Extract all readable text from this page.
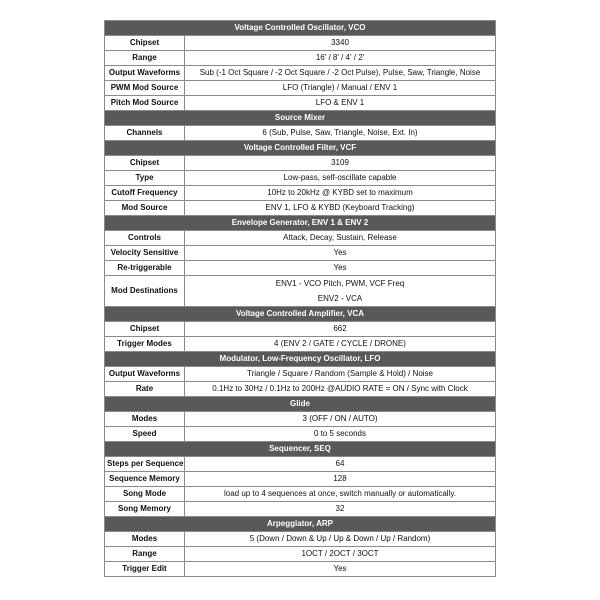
Voltage Controlled Oscillator, VCO	
Chipset	3340
Range	16' / 8' / 4' / 2'
Output Waveforms	Sub (-1 Oct Square / -2 Oct Square / -2 Oct Pulse), Pulse, Saw, Triangle, Noise
PWM Mod Source	LFO (Triangle) / Manual / ENV 1
Pitch Mod Source	LFO & ENV 1
Source Mixer	
Channels	6 (Sub, Pulse, Saw, Triangle, Noise, Ext. In)
Voltage Controlled Filter, VCF	
Chipset	3109
Type	Low-pass, self-oscillate capable
Cutoff Frequency	10Hz to 20kHz @ KYBD set to maximum
Mod Source	ENV 1, LFO & KYBD (Keyboard Tracking)
Envelope Generator, ENV 1 & ENV 2	
Controls	Attack, Decay, Sustain, Release
Velocity Sensitive	Yes
Re-triggerable	Yes
Mod Destinations	ENV1 - VCO Pitch, PWM, VCF Freq
ENV2 - VCA

Voltage Controlled Amplifier, VCA	
Chipset	662
Trigger Modes	4 (ENV 2 / GATE / CYCLE / DRONE)
Modulator, Low-Frequency Oscillator, LFO	
Output Waveforms	Triangle / Square / Random (Sample & Hold) / Noise
Rate	0.1Hz to 30Hz / 0.1Hz to 200Hz @AUDIO RATE = ON / Sync with Clock
Glide	
Modes	3 (OFF / ON / AUTO)
Speed	0 to 5 seconds
Sequencer, SEQ	
Steps per Sequence	64
Sequence Memory	128
Song Mode	load up to 4 sequences at once, switch manually or automatically.
Song Memory	32
Arpeggiator, ARP	
Modes	5 (Down / Down & Up / Up & Down / Up / Random)
Range	1OCT / 2OCT / 3OCT
Trigger Edit	Yes
